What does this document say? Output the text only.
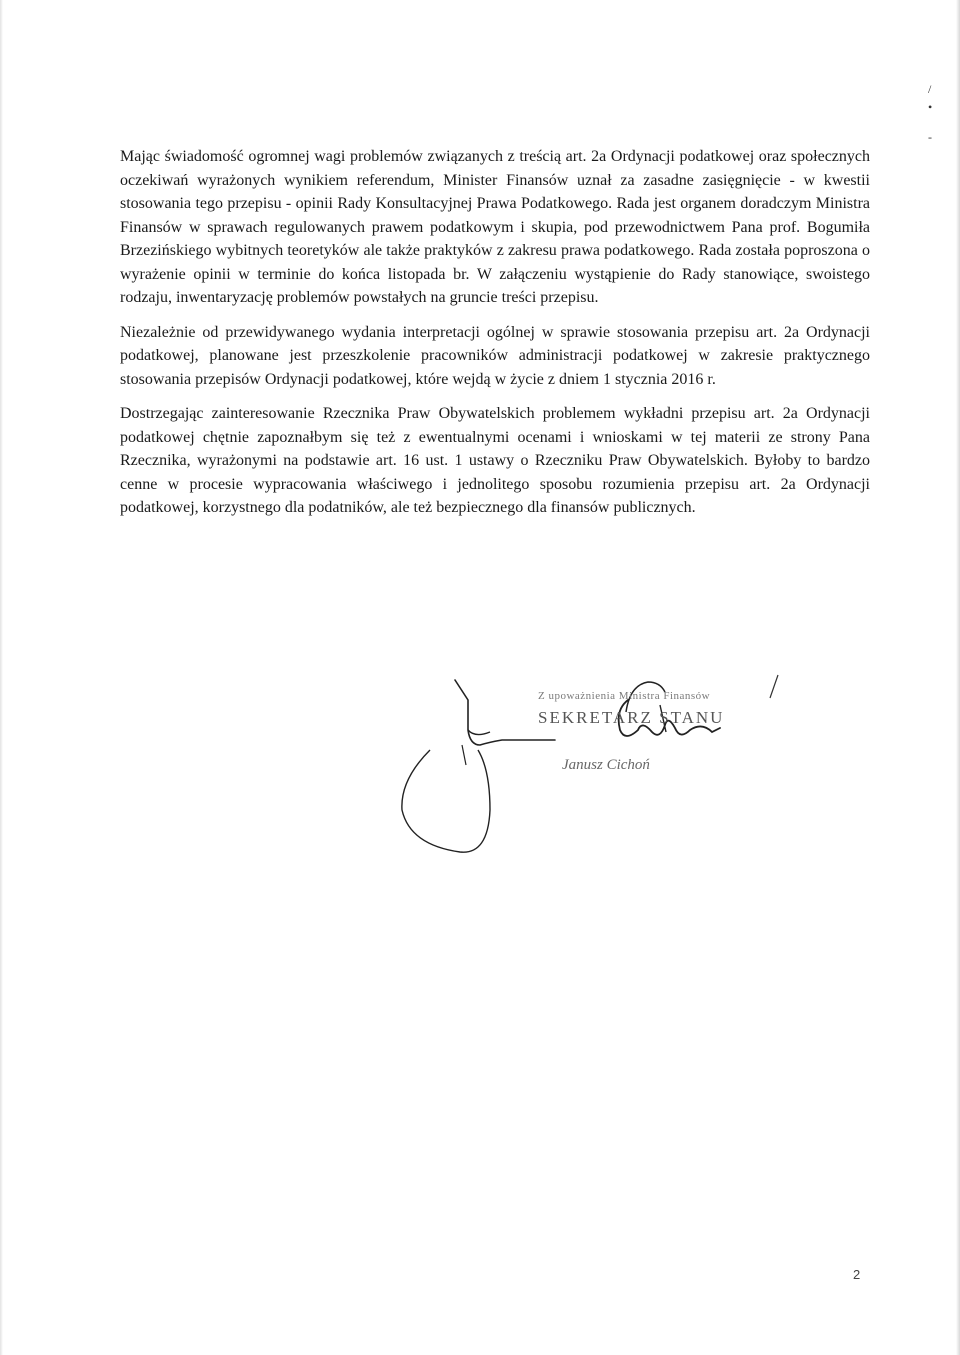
/
•
-

Mając świadomość ogromnej wagi problemów związanych z treścią art. 2a Ordynacji podatkowej oraz społecznych oczekiwań wyrażonych wynikiem referendum, Minister Finansów uznał za zasadne zasięgnięcie - w kwestii stosowania tego przepisu - opinii Rady Konsultacyjnej Prawa Podatkowego. Rada jest organem doradczym Ministra Finansów w sprawach regulowanych prawem podatkowym i skupia, pod przewodnictwem Pana prof. Bogumiła Brzezińskiego wybitnych teoretyków ale także praktyków z zakresu prawa podatkowego. Rada została poproszona o wyrażenie opinii w terminie do końca listopada br. W załączeniu wystąpienie do Rady stanowiące, swoistego rodzaju, inwentaryzację problemów powstałych na gruncie treści przepisu.

Niezależnie od przewidywanego wydania interpretacji ogólnej w sprawie stosowania przepisu art. 2a Ordynacji podatkowej, planowane jest przeszkolenie pracowników administracji podatkowej w zakresie praktycznego stosowania przepisów Ordynacji podatkowej, które wejdą w życie z dniem 1 stycznia 2016 r.

Dostrzegając zainteresowanie Rzecznika Praw Obywatelskich problemem wykładni przepisu art. 2a Ordynacji podatkowej chętnie zapoznałbym się też z ewentualnymi ocenami i wnioskami w tej materii ze strony Pana Rzecznika, wyrażonymi na podstawie art. 16 ust. 1 ustawy o Rzeczniku Praw Obywatelskich. Byłoby to bardzo cenne w procesie wypracowania właściwego i jednolitego sposobu rozumienia przepisu art. 2a Ordynacji podatkowej, korzystnego dla podatników, ale też bezpiecznego dla finansów publicznych.

Z upoważnienia Ministra Finansów
SEKRETARZ STANU
Janusz Cichoń
2
